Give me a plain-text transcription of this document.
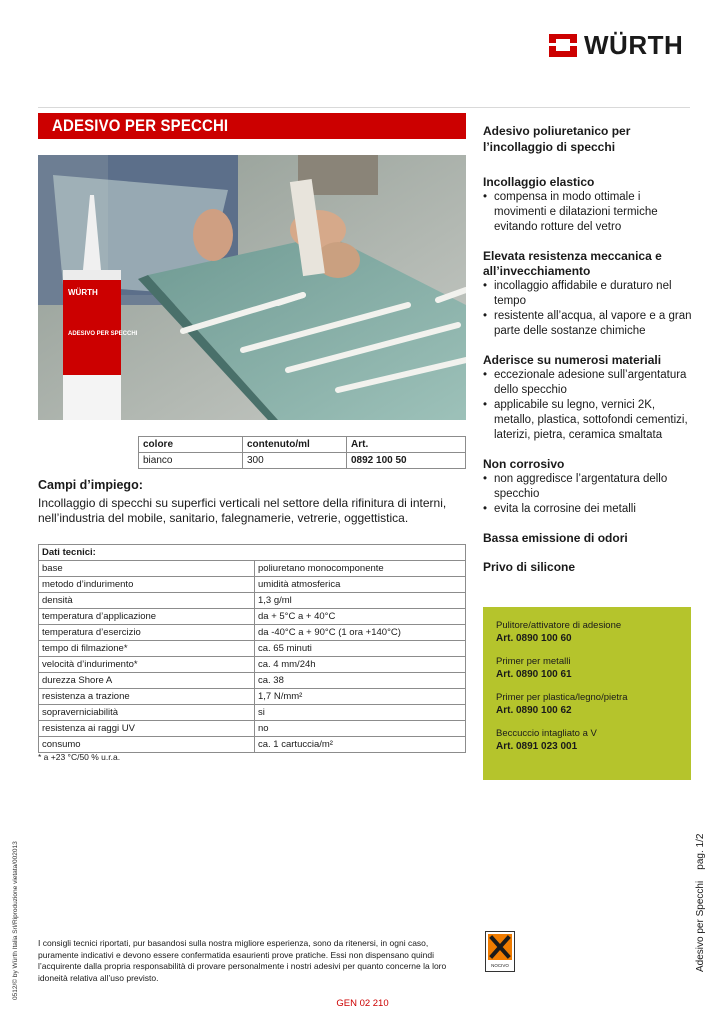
WÜRTH
ADESIVO PER SPECCHI
WÜRTH
ADESIVO PER SPECCHI
colore	contenuto/ml	Art.
bianco	300	0892 100 50
Campi d’impiego:
Incollaggio di specchi su superfici verticali nel settore della rifinitura di interni, nell’industria del mobile, sanitario, falegnamerie, vetrerie, oggettistica.
Dati tecnici:	
base	poliuretano monocomponente
metodo d’indurimento	umidità atmosferica
densità	1,3 g/ml
temperatura d’applicazione	da + 5°C a + 40°C
temperatura d’esercizio	da -40°C a + 90°C (1 ora +140°C)
tempo di filmazione*	ca. 65 minuti
velocità d’indurimento*	ca. 4 mm/24h
durezza Shore A	ca. 38
resistenza a trazione	1,7 N/mm²
sopraverniciabilità	si
resistenza ai raggi UV	no
consumo	ca. 1 cartuccia/m²
* a +23 °C/50 % u.r.a.
Adesivo poliuretanico per l’incollaggio di specchi
Incollaggio elastico
• compensa in modo ottimale i movimenti e dilatazioni termiche evitando rotture del vetro
Elevata resistenza meccanica e all’invecchiamento
• incollaggio affidabile e duraturo nel tempo
• resistente all’acqua, al vapore e a gran parte delle sostanze chimiche
Aderisce su numerosi materiali
• eccezionale adesione sull’argentatura dello specchio
• applicabile su legno, vernici 2K, metallo, plastica, sottofondi cementizi, laterizi, pietra, ceramica smaltata
Non corrosivo
• non aggredisce l’argentatura dello specchio
• evita la corrosine dei metalli
Bassa emissione di odori
Privo di silicone
Pulitore/attivatore di adesione
Art. 0890 100 60
Primer per metalli
Art. 0890 100 61
Primer per plastica/legno/pietra
Art. 0890 100 62
Beccuccio intagliato a V
Art. 0891 023 001
0512/© by Würth Italia Srl/Riproduzione vietata/002013	Adesivo per Specchi    pag. 1/2
I consigli tecnici riportati, pur basandosi sulla nostra migliore esperienza, sono da ritenersi, in ogni caso, puramente indicativi e devono essere confermatida esaurienti prove pratiche. Essi non dispensano quindi l’acquirente dalla propria responsabilità di provare personalmente i nostri adesivi per quanto concerne la loro idoneità relativa all’uso previsto.
NOCIVO
GEN 02 210
